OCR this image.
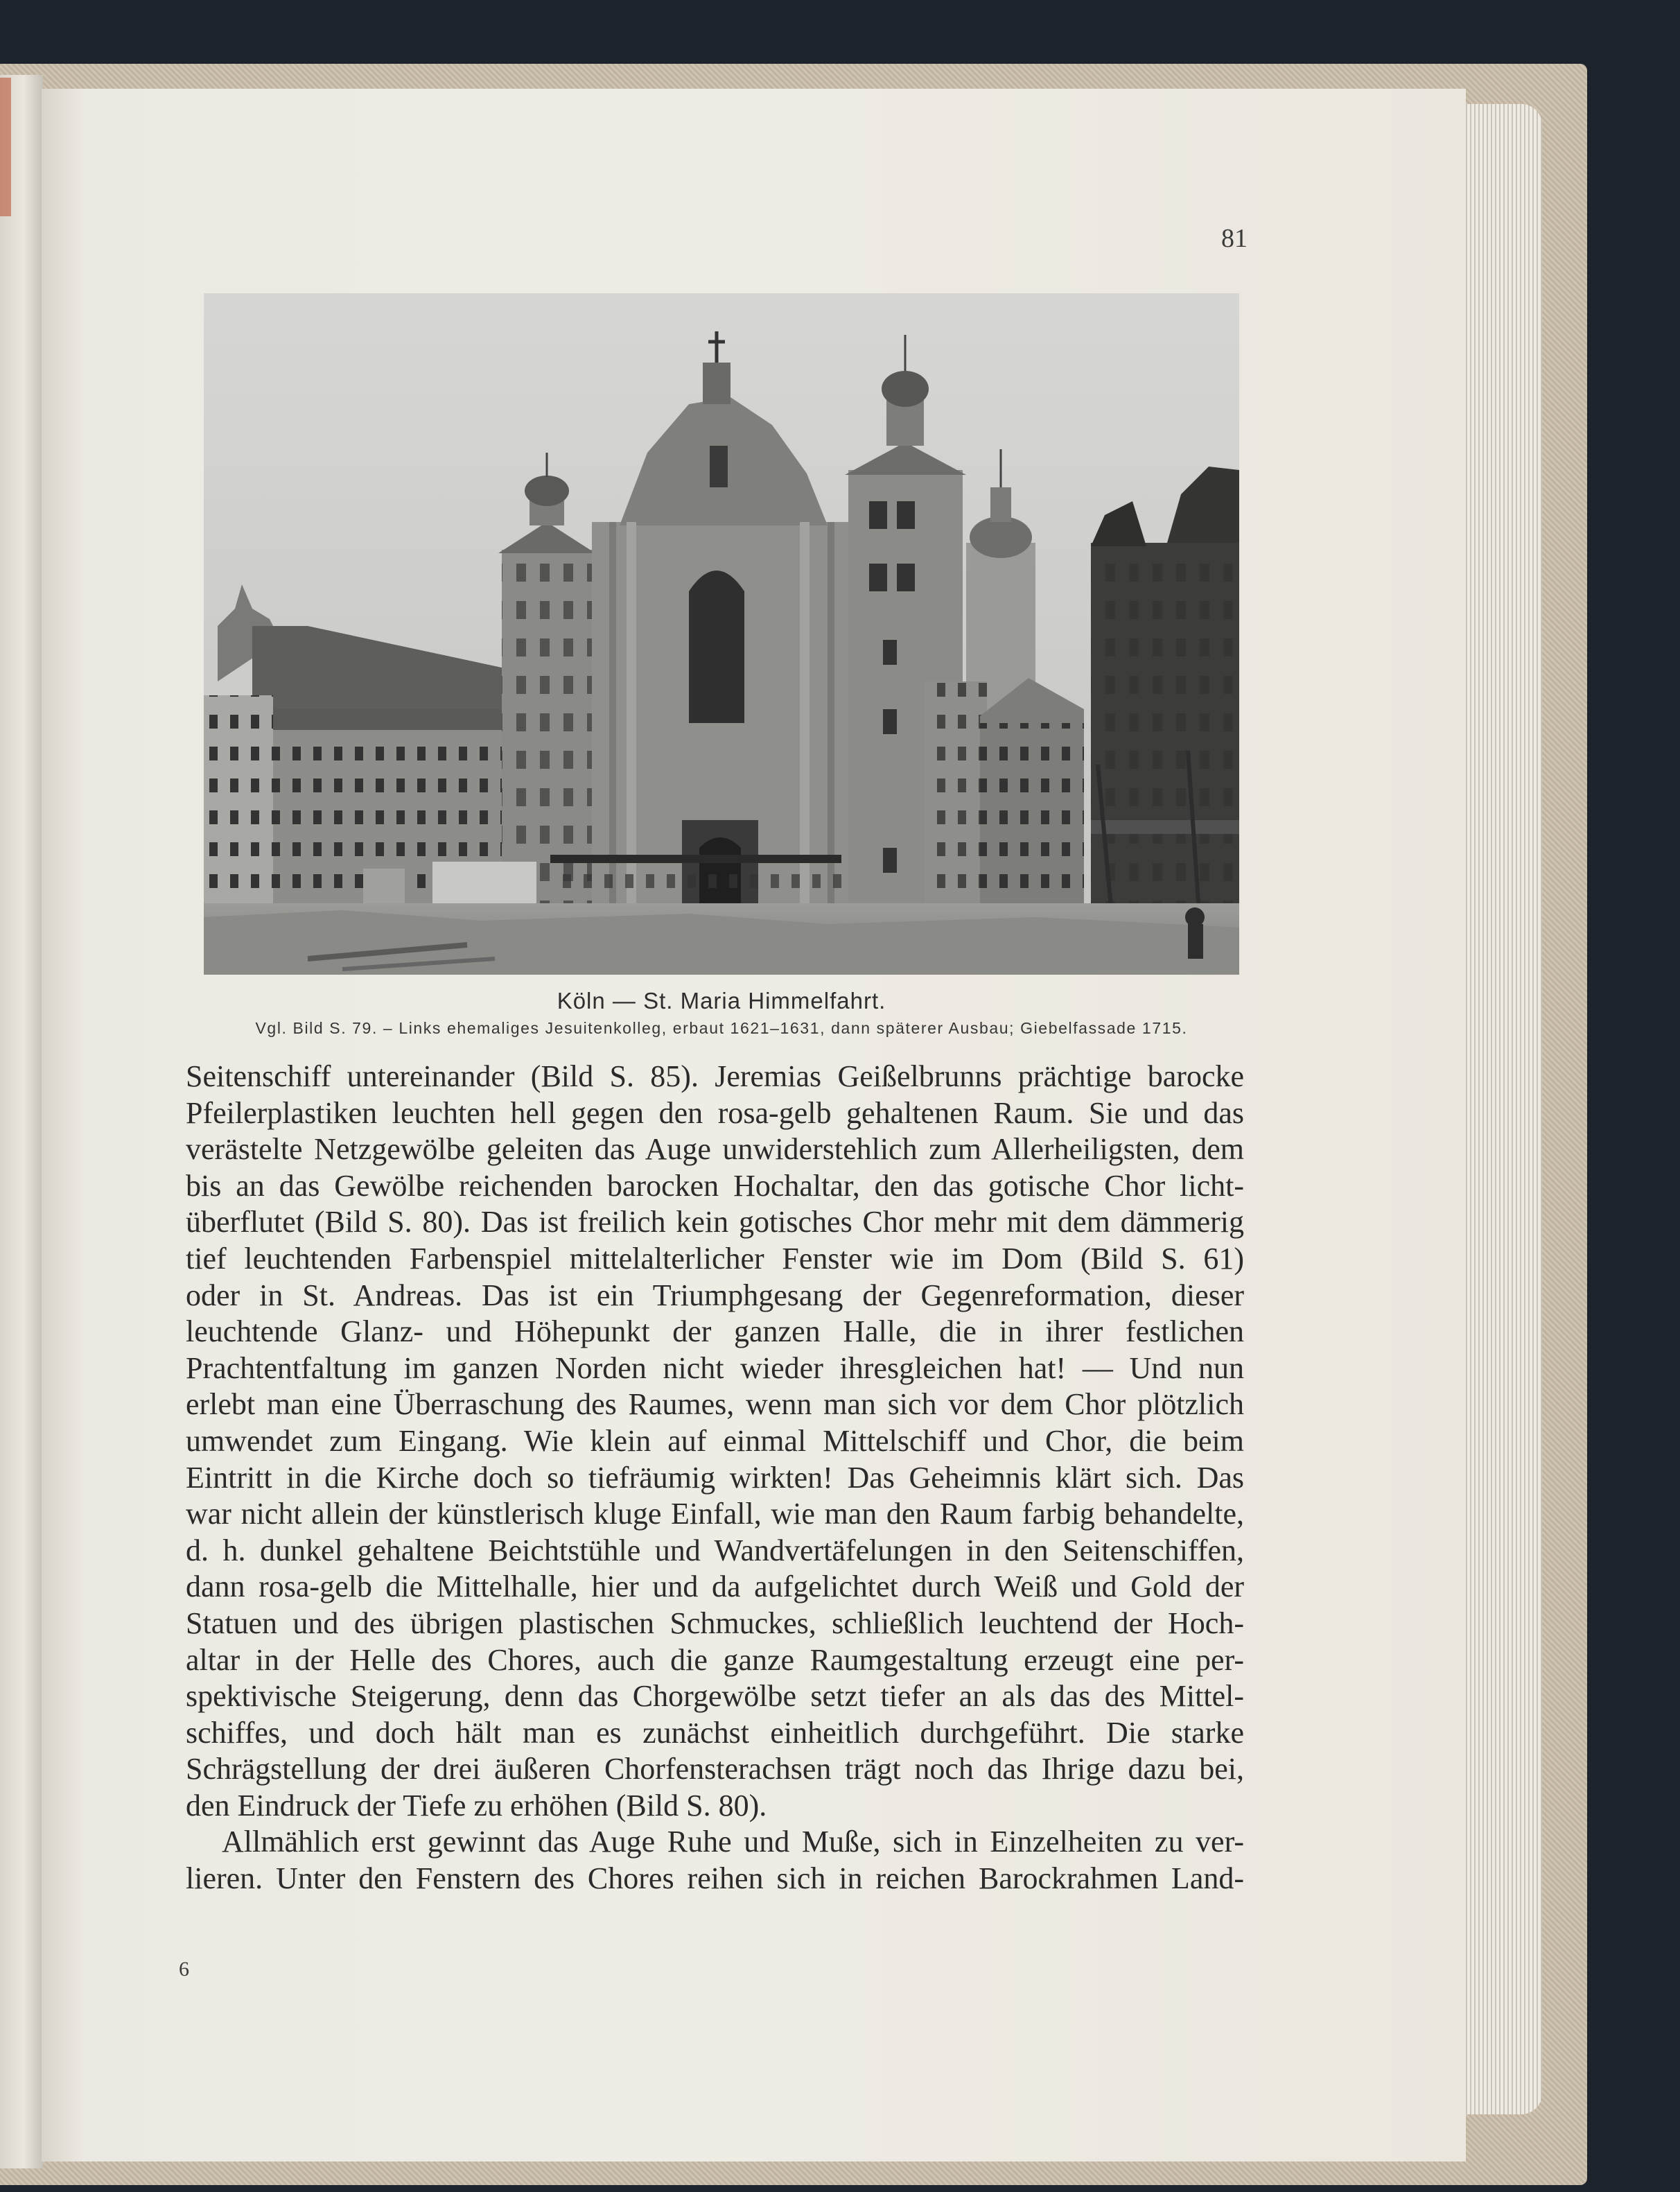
81
Köln — St. Maria Himmelfahrt.
Vgl. Bild S. 79. – Links ehemaliges Jesuitenkolleg, erbaut 1621–1631, dann späterer Ausbau; Giebelfassade 1715.
Seitenschiff untereinander (Bild S. 85). Jeremias Geißelbrunns prächtige barocke
Pfeilerplastiken leuchten hell gegen den rosa-gelb gehaltenen Raum. Sie und das
verästelte Netzgewölbe geleiten das Auge unwiderstehlich zum Allerheiligsten, dem
bis an das Gewölbe reichenden barocken Hochaltar, den das gotische Chor licht-
überflutet (Bild S. 80). Das ist freilich kein gotisches Chor mehr mit dem dämmerig
tief leuchtenden Farbenspiel mittelalterlicher Fenster wie im Dom (Bild S. 61)
oder in St. Andreas. Das ist ein Triumphgesang der Gegenreformation, dieser
leuchtende Glanz- und Höhepunkt der ganzen Halle, die in ihrer festlichen
Prachtentfaltung im ganzen Norden nicht wieder ihresgleichen hat! — Und nun
erlebt man eine Überraschung des Raumes, wenn man sich vor dem Chor plötzlich
umwendet zum Eingang. Wie klein auf einmal Mittelschiff und Chor, die beim
Eintritt in die Kirche doch so tiefräumig wirkten! Das Geheimnis klärt sich. Das
war nicht allein der künstlerisch kluge Einfall, wie man den Raum farbig behandelte,
d. h. dunkel gehaltene Beichtstühle und Wandvertäfelungen in den Seitenschiffen,
dann rosa-gelb die Mittelhalle, hier und da aufgelichtet durch Weiß und Gold der
Statuen und des übrigen plastischen Schmuckes, schließlich leuchtend der Hoch-
altar in der Helle des Chores, auch die ganze Raumgestaltung erzeugt eine per-
spektivische Steigerung, denn das Chorgewölbe setzt tiefer an als das des Mittel-
schiffes, und doch hält man es zunächst einheitlich durchgeführt. Die starke
Schrägstellung der drei äußeren Chorfensterachsen trägt noch das Ihrige dazu bei,
den Eindruck der Tiefe zu erhöhen (Bild S. 80).
Allmählich erst gewinnt das Auge Ruhe und Muße, sich in Einzelheiten zu ver-
lieren. Unter den Fenstern des Chores reihen sich in reichen Barockrahmen Land-
6
